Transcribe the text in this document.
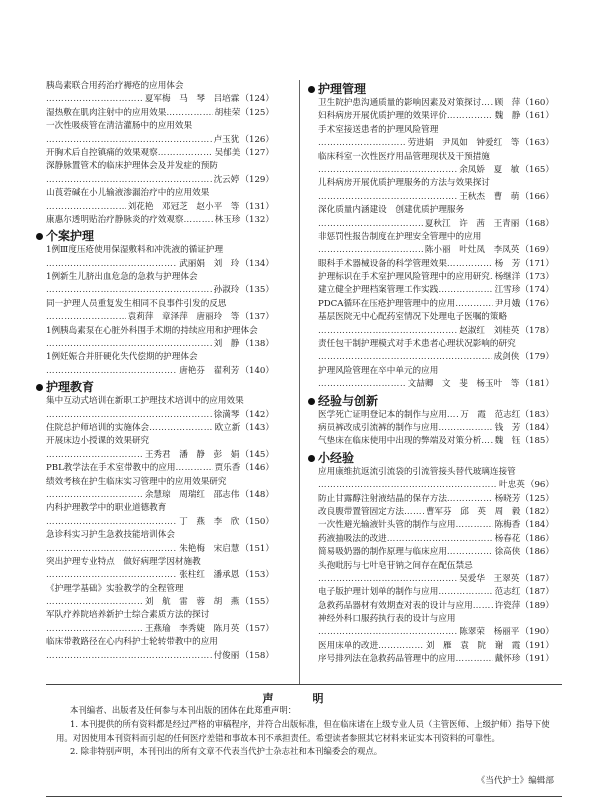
胰岛素联合用药治疗褥疮的应用体会
…………………………………………………………………………………………………………………………
夏军梅　马　琴　吕培霖 （124）
湿热敷在肌肉注射中的应用效果 …………………………………………………………………………………………………………………………	胡桂荣 （125）
一次性吸痰管在清洁灌肠中的应用效果
…………………………………………………………………………………………………………………………
卢玉犹 （126）
开胸术后自控镇痛的效果观察 …………………………………………………………………………………………………………………………	吴郁美 （127）
深静脉置管术的临床护理体会及并发症的预防
…………………………………………………………………………………………………………………………
沈云婷 （129）
山莨菪碱在小儿输液渗漏治疗中的应用效果
…………………………………………………………………………………………………………………………
刘花艳　邓冠芝　赵小平　等 （131）
康惠尔透明贴治疗静脉炎的疗效观察 …………………………………………………………………………………………………………………………	林玉珍 （132）
个案护理
1例Ⅲ度压疮使用保湿敷料和冲洗液的循证护理
…………………………………………………………………………………………………………………………
武丽娟　刘　玲 （134）
1例新生儿脐出血危急的急救与护理体会
…………………………………………………………………………………………………………………………
孙淑玲 （135）
同一护理人员重复发生相同不良事件引发的反思
…………………………………………………………………………………………………………………………
袁莉萍　章泽萍　唐丽玲　等 （137）
1例胰岛素泵在心脏外科围手术期的持续应用和护理体会
…………………………………………………………………………………………………………………………
刘　静 （138）
1例妊娠合并肝硬化失代偿期的护理体会
…………………………………………………………………………………………………………………………
唐艳芬　翟利芳 （140）
护理教育
集中互动式培训在新职工护理技术培训中的应用效果
…………………………………………………………………………………………………………………………
徐満琴 （142）
住院总护师培训的实施体会 …………………………………………………………………………………………………………………………	欧立新 （143）
开展床边小授课的效果研究
…………………………………………………………………………………………………………………………
王秀君　潘　静　彭　娟 （145）
PBL教学法在手术室带教中的应用 …………………………………………………………………………………………………………………………	贾乐香 （146）
绩效考核在护生临床实习管理中的应用效果研究
…………………………………………………………………………………………………………………………
余慧琼　周瑞红　邵志伟 （148）
内科护理教学中的职业道德教育
…………………………………………………………………………………………………………………………
丁　燕　李　欣 （150）
急诊科实习护生急救技能培训体会
…………………………………………………………………………………………………………………………
朱艳梅　宋启慧 （151）
突出护理专业特点　做好病理学因材施教
…………………………………………………………………………………………………………………………
张柱红　潘承恩 （153）
《护理学基础》实验教学的全程管理
…………………………………………………………………………………………………………………………
刘　航　雷　蓉　胡　燕 （155）
军队疗养院培养新护士综合素质方法的探讨
…………………………………………………………………………………………………………………………
王燕瑜　李秀婕　陈月英 （157）
临床带教路径在心内科护士轮转带教中的应用
…………………………………………………………………………………………………………………………
付俊丽 （158）
护理管理
卫生院护患沟通质量的影响因素及对策探讨 ………………………………………………………………………………………………………………………… 顾　萍 （160）
妇科病房开展优质护理的效果评价 …………………………………………………………………………………………………………………………	魏　静 （161）
手术室接送患者的护理风险管理
…………………………………………………………………………………………………………………………
劳进娟　尹凤如　钟爱红　等 （163）
临床科室一次性医疗用品管理现状及干预措施
…………………………………………………………………………………………………………………………
余凤娇　夏　敏 （165）
儿科病房开展优质护理服务的方法与效果探讨
…………………………………………………………………………………………………………………………
王秋杰　曹　萌 （166）
深化质量内涵建设　创建优质护理服务
…………………………………………………………………………………………………………………………
夏秋江　许　茜　王青丽 （168）
非惩罚性报告制度在护理安全管理中的应用
…………………………………………………………………………………………………………………………
陈小丽　叶灶凤　李凤英 （169）
眼科手术器械设备的科学管理效果 …………………………………………………………………………………………………………………………	杨　芳 （171）
护理标识在手术室护理风险管理中的应用研究 ………………………………………………………………………………………………………………………… 杨继洋 （173）
建立健全护理档案管理工作实践 …………………………………………………………………………………………………………………………	江雪珍 （174）
PDCA循环在压疮护理管理中的应用 …………………………………………………………………………………………………………………………	尹月娥 （176）
基层医院无中心配药室情况下处理电子医嘱的策略
…………………………………………………………………………………………………………………………
赵淑红　刘桂英 （178）
责任包干制护理模式对手术患者心理状况影响的研究
…………………………………………………………………………………………………………………………
成剑侠 （179）
护理风险管理在卒中单元的应用
…………………………………………………………………………………………………………………………
文喆卿　文　斐　杨玉叶　等 （181）
经验与创新
医学死亡证明登记本的制作与应用 ………………………………………………………………………………………………………………………… 万　霞　范志红 （183）
病员裤改成引流裤的制作与应用 …………………………………………………………………………………………………………………………	钱　芳 （184）
气垫床在临床使用中出现的弊端及对策分析 ………………………………………………………………………………………………………………………… 魏　钰 （185）
小经验
应用康维抗返流引流袋的引流管接头替代玻璃连接管
…………………………………………………………………………………………………………………………
叶忠英 （96）
防止甘露醇注射液结晶的保存方法 …………………………………………………………………………………………………………………………	杨晓芳 （125）
改良腹带置管固定方法 …………………………………………………………………………………………………………………………	曹军芬　邱　英　周　毅 （182）
一次性避光输液针头管的制作与应用 …………………………………………………………………………………………………………………………	陈梅香 （184）
药液抽吸法的改进 …………………………………………………………………………………………………………………………	杨春花 （186）
简易吸奶器的制作原理与临床应用 …………………………………………………………………………………………………………………………	徐高侠 （186）
头孢吡肟与七叶皂苷钠之间存在配伍禁忌
…………………………………………………………………………………………………………………………
吴爱华　王翠英 （187）
电子版护理计划单的制作与应用 …………………………………………………………………………………………………………………………	范志红 （187）
急救药品器材有效期查对表的设计与应用 …………………………………………………………………………………………………………………………	许瓷萍 （189）
神经外科口服药执行表的设计与应用
…………………………………………………………………………………………………………………………
陈翠荣　杨丽平 （190）
医用床单的改进 …………………………………………………………………………………………………………………………	刘　雁　袁　院　谢　霞 （191）
序号排列法在急救药品管理中的应用 …………………………………………………………………………………………………………………………	戴怀珍 （191）
声　明

本刊编者、出版者及任何参与本刊出版的团体在此郑重声明：

1. 本刊提供的所有资料都是经过严格的审稿程序，并符合出版标准，但在临床诸在上级专业人员（主管医师、上级护师）指导下使用。对因使用本刊资料而引起的任何医疗差错和事故本刊不承担责任。希望读者参照其它材料来证实本刊资料的可靠性。

2. 除非特别声明，本刊刊出的所有文章不代表当代护士杂志社和本刊编委会的观点。

《当代护士》编辑部
